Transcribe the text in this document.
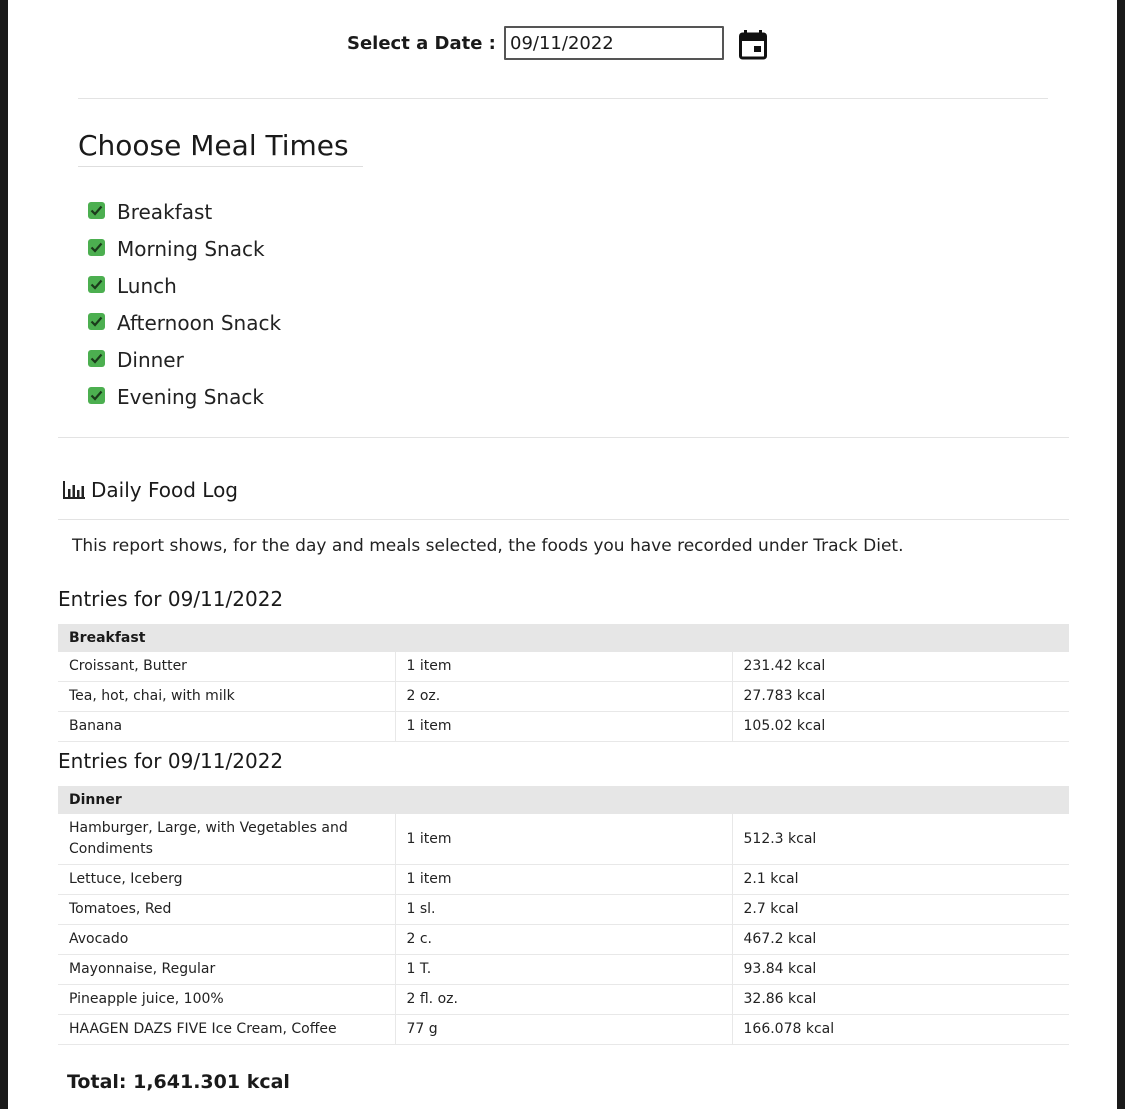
Select a Date :
09/11/2022
Choose Meal Times
Breakfast
Morning Snack
Lunch
Afternoon Snack
Dinner
Evening Snack
Daily Food Log
This report shows, for the day and meals selected, the foods you have recorded under Track Diet.
Entries for 09/11/2022
Breakfast		
Croissant, Butter	1 item	231.42 kcal
Tea, hot, chai, with milk	2 oz.	27.783 kcal
Banana	1 item	105.02 kcal
Entries for 09/11/2022
Dinner		
Hamburger, Large, with Vegetables and Condiments	1 item	512.3 kcal
Lettuce, Iceberg	1 item	2.1 kcal
Tomatoes, Red	1 sl.	2.7 kcal
Avocado	2 c.	467.2 kcal
Mayonnaise, Regular	1 T.	93.84 kcal
Pineapple juice, 100%	2 fl. oz.	32.86 kcal
HAAGEN DAZS FIVE Ice Cream, Coffee	77 g	166.078 kcal
Total: 1,641.301 kcal
